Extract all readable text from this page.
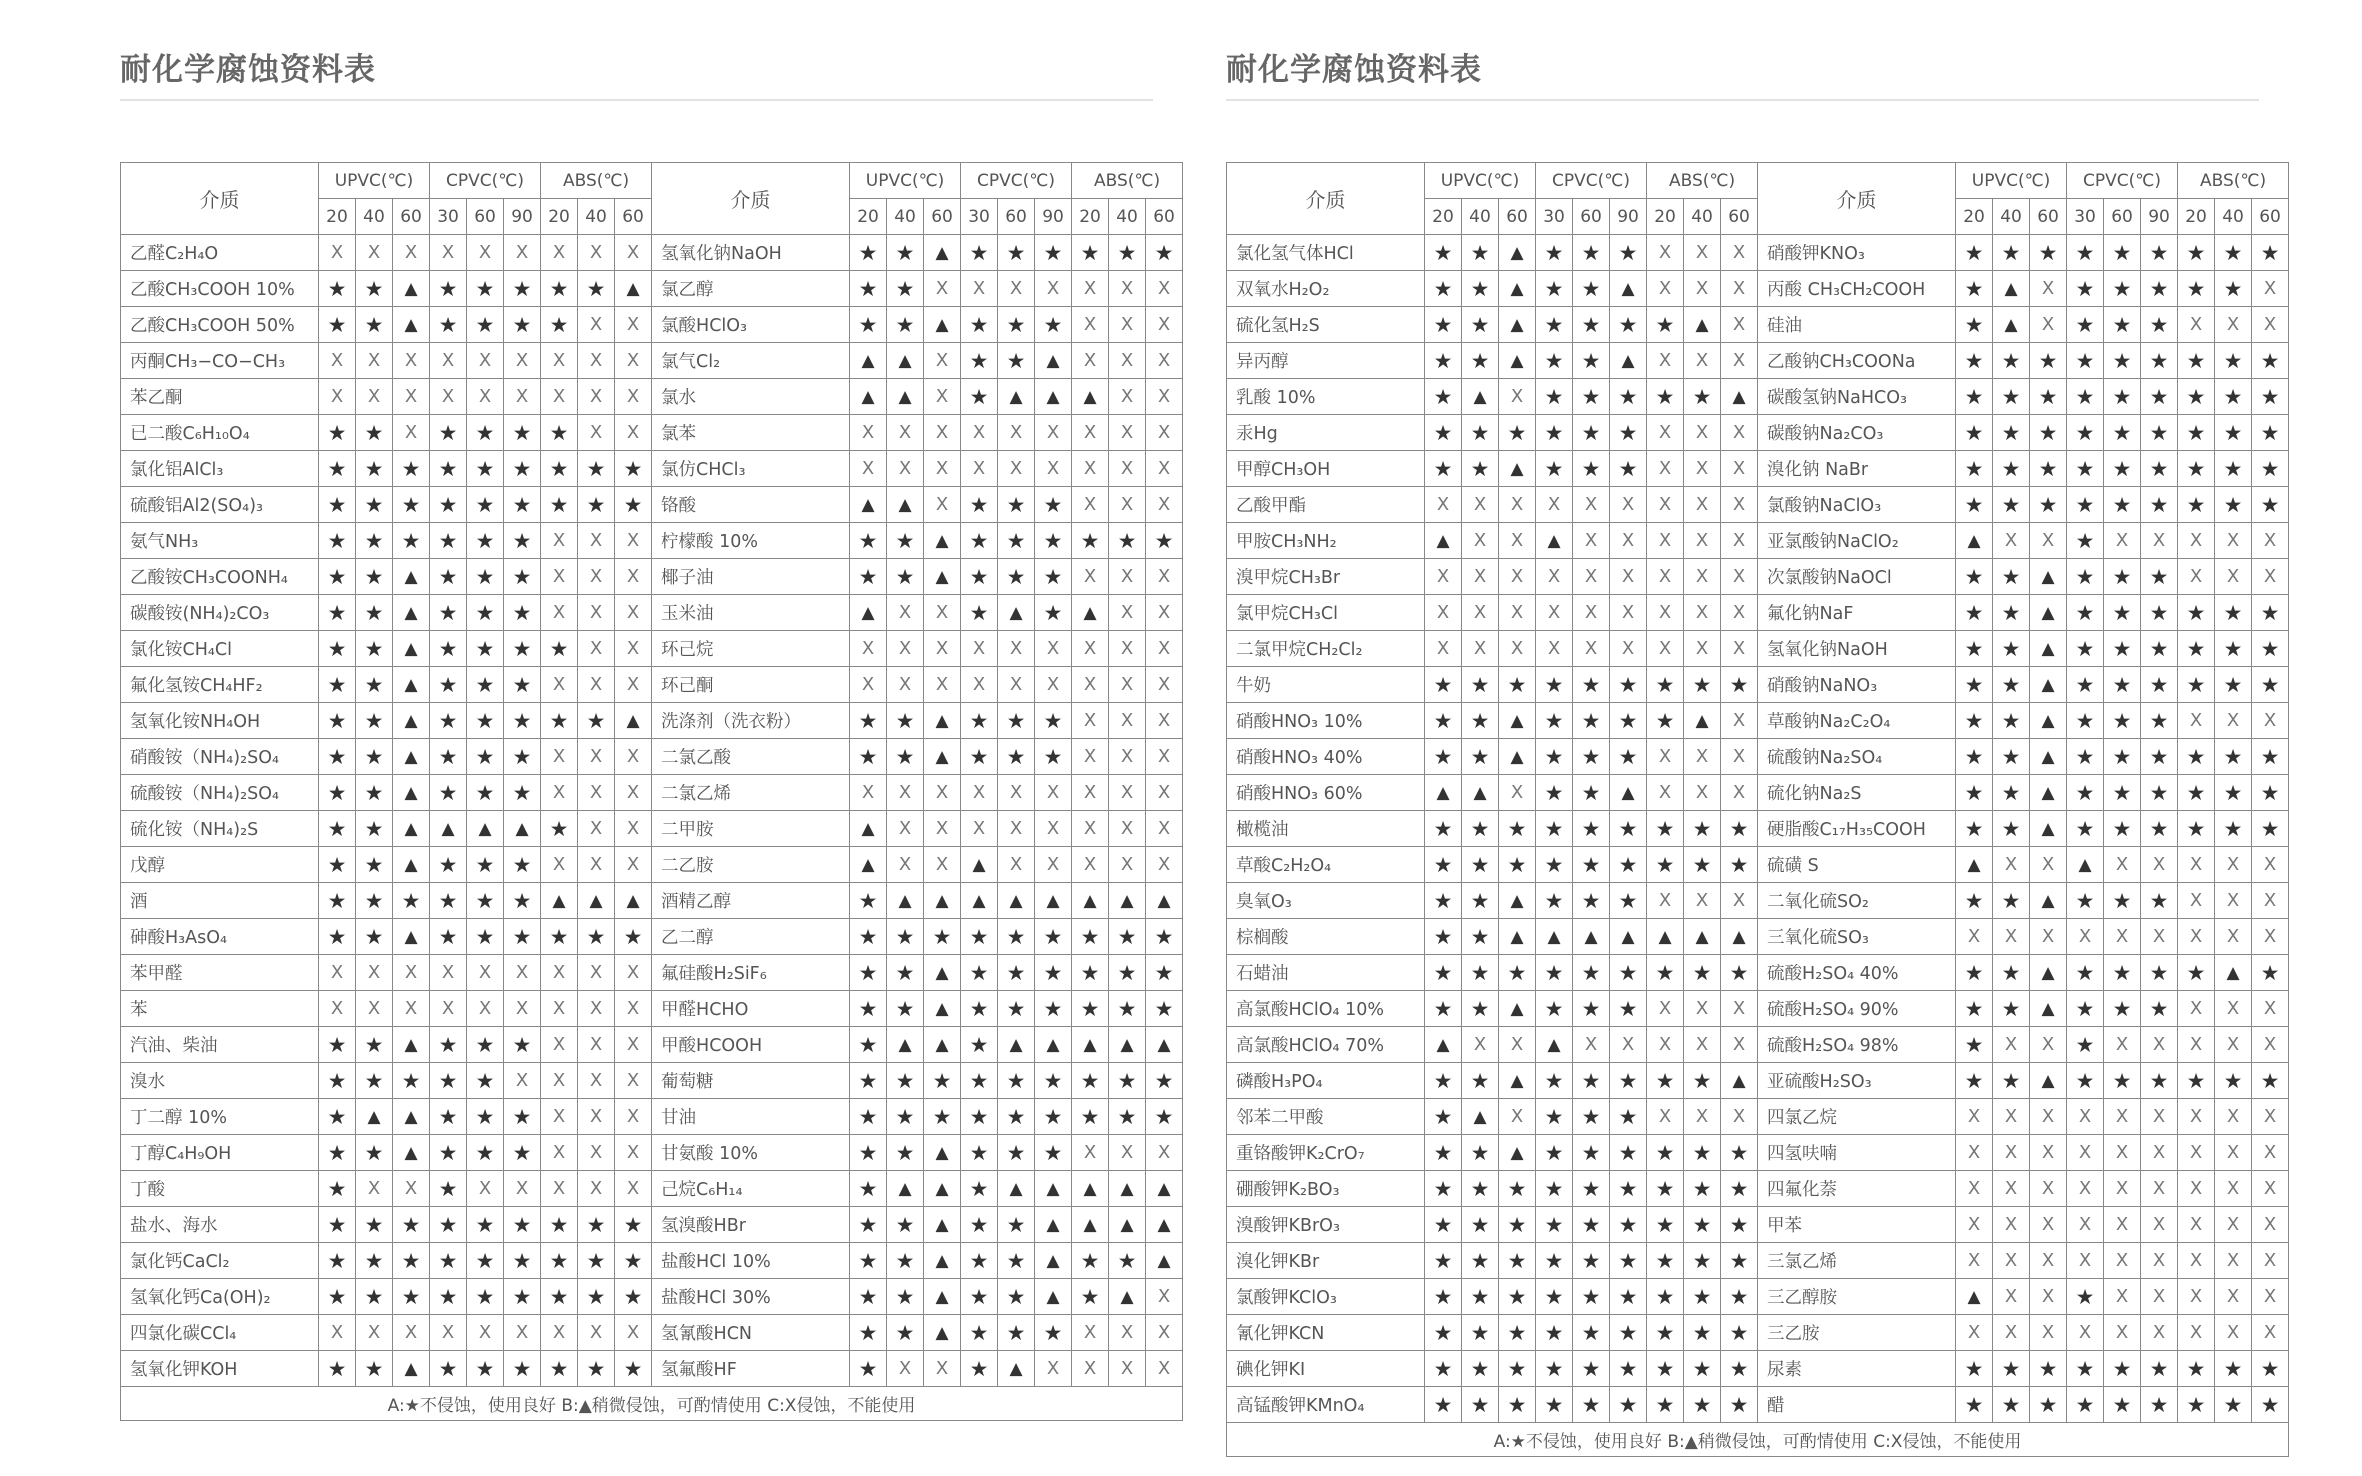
耐化学腐蚀资料表
介质	UPVC(℃)			CPVC(℃)			ABS(℃)			介质	UPVC(℃)			CPVC(℃)			ABS(℃)		
	20	40	60	30	60	90	20	40	60		20	40	60	30	60	90	20	40	60
乙醛C₂H₄O	X	X	X	X	X	X	X	X	X	氢氧化钠NaOH	★	★	▲	★	★	★	★	★	★
乙酸CH₃COOH 10%	★	★	▲	★	★	★	★	★	▲	氯乙醇	★	★	X	X	X	X	X	X	X
乙酸CH₃COOH 50%	★	★	▲	★	★	★	★	X	X	氯酸HClO₃	★	★	▲	★	★	★	X	X	X
丙酮CH₃−CO−CH₃	X	X	X	X	X	X	X	X	X	氯气Cl₂	▲	▲	X	★	★	▲	X	X	X
苯乙酮	X	X	X	X	X	X	X	X	X	氯水	▲	▲	X	★	▲	▲	▲	X	X
已二酸C₆H₁₀O₄	★	★	X	★	★	★	★	X	X	氯苯	X	X	X	X	X	X	X	X	X
氯化铝AlCl₃	★	★	★	★	★	★	★	★	★	氯仿CHCl₃	X	X	X	X	X	X	X	X	X
硫酸铝Al2(SO₄)₃	★	★	★	★	★	★	★	★	★	铬酸	▲	▲	X	★	★	★	X	X	X
氨气NH₃	★	★	★	★	★	★	X	X	X	柠檬酸 10%	★	★	▲	★	★	★	★	★	★
乙酸铵CH₃COONH₄	★	★	▲	★	★	★	X	X	X	椰子油	★	★	▲	★	★	★	X	X	X
碳酸铵(NH₄)₂CO₃	★	★	▲	★	★	★	X	X	X	玉米油	▲	X	X	★	▲	★	▲	X	X
氯化铵CH₄Cl	★	★	▲	★	★	★	★	X	X	环己烷	X	X	X	X	X	X	X	X	X
氟化氢铵CH₄HF₂	★	★	▲	★	★	★	X	X	X	环己酮	X	X	X	X	X	X	X	X	X
氢氧化铵NH₄OH	★	★	▲	★	★	★	★	★	▲	洗涤剂（洗衣粉）	★	★	▲	★	★	★	X	X	X
硝酸铵（NH₄)₂SO₄	★	★	▲	★	★	★	X	X	X	二氯乙酸	★	★	▲	★	★	★	X	X	X
硫酸铵（NH₄)₂SO₄	★	★	▲	★	★	★	X	X	X	二氯乙烯	X	X	X	X	X	X	X	X	X
硫化铵（NH₄)₂S	★	★	▲	▲	▲	▲	★	X	X	二甲胺	▲	X	X	X	X	X	X	X	X
戊醇	★	★	▲	★	★	★	X	X	X	二乙胺	▲	X	X	▲	X	X	X	X	X
酒	★	★	★	★	★	★	▲	▲	▲	酒精乙醇	★	▲	▲	▲	▲	▲	▲	▲	▲
砷酸H₃AsO₄	★	★	▲	★	★	★	★	★	★	乙二醇	★	★	★	★	★	★	★	★	★
苯甲醛	X	X	X	X	X	X	X	X	X	氟硅酸H₂SiF₆	★	★	▲	★	★	★	★	★	★
苯	X	X	X	X	X	X	X	X	X	甲醛HCHO	★	★	▲	★	★	★	★	★	★
汽油、柴油	★	★	▲	★	★	★	X	X	X	甲酸HCOOH	★	▲	▲	★	▲	▲	▲	▲	▲
溴水	★	★	★	★	★	X	X	X	X	葡萄糖	★	★	★	★	★	★	★	★	★
丁二醇 10%	★	▲	▲	★	★	★	X	X	X	甘油	★	★	★	★	★	★	★	★	★
丁醇C₄H₉OH	★	★	▲	★	★	★	X	X	X	甘氨酸 10%	★	★	▲	★	★	★	X	X	X
丁酸	★	X	X	★	X	X	X	X	X	己烷C₆H₁₄	★	▲	▲	★	▲	▲	▲	▲	▲
盐水、海水	★	★	★	★	★	★	★	★	★	氢溴酸HBr	★	★	▲	★	★	▲	▲	▲	▲
氯化钙CaCl₂	★	★	★	★	★	★	★	★	★	盐酸HCl 10%	★	★	▲	★	★	▲	★	★	▲
氢氧化钙Ca(OH)₂	★	★	★	★	★	★	★	★	★	盐酸HCl 30%	★	★	▲	★	★	▲	★	▲	X
四氯化碳CCl₄	X	X	X	X	X	X	X	X	X	氢氰酸HCN	★	★	▲	★	★	★	X	X	X
氢氧化钾KOH	★	★	▲	★	★	★	★	★	★	氢氟酸HF	★	X	X	★	▲	X	X	X	X
A:★不侵蚀，使用良好 B:▲稍微侵蚀，可酌情使用 C:X侵蚀，不能使用																			
耐化学腐蚀资料表
介质	UPVC(℃)			CPVC(℃)			ABS(℃)			介质	UPVC(℃)			CPVC(℃)			ABS(℃)		
	20	40	60	30	60	90	20	40	60		20	40	60	30	60	90	20	40	60
氯化氢气体HCl	★	★	▲	★	★	★	X	X	X	硝酸钾KNO₃	★	★	★	★	★	★	★	★	★
双氧水H₂O₂	★	★	▲	★	★	▲	X	X	X	丙酸 CH₃CH₂COOH	★	▲	X	★	★	★	★	★	X
硫化氢H₂S	★	★	▲	★	★	★	★	▲	X	硅油	★	▲	X	★	★	★	X	X	X
异丙醇	★	★	▲	★	★	▲	X	X	X	乙酸钠CH₃COONa	★	★	★	★	★	★	★	★	★
乳酸 10%	★	▲	X	★	★	★	★	★	▲	碳酸氢钠NaHCO₃	★	★	★	★	★	★	★	★	★
汞Hg	★	★	★	★	★	★	X	X	X	碳酸钠Na₂CO₃	★	★	★	★	★	★	★	★	★
甲醇CH₃OH	★	★	▲	★	★	★	X	X	X	溴化钠 NaBr	★	★	★	★	★	★	★	★	★
乙酸甲酯	X	X	X	X	X	X	X	X	X	氯酸钠NaClO₃	★	★	★	★	★	★	★	★	★
甲胺CH₃NH₂	▲	X	X	▲	X	X	X	X	X	亚氯酸钠NaClO₂	▲	X	X	★	X	X	X	X	X
溴甲烷CH₃Br	X	X	X	X	X	X	X	X	X	次氯酸钠NaOCl	★	★	▲	★	★	★	X	X	X
氯甲烷CH₃Cl	X	X	X	X	X	X	X	X	X	氟化钠NaF	★	★	▲	★	★	★	★	★	★
二氯甲烷CH₂Cl₂	X	X	X	X	X	X	X	X	X	氢氧化钠NaOH	★	★	▲	★	★	★	★	★	★
牛奶	★	★	★	★	★	★	★	★	★	硝酸钠NaNO₃	★	★	▲	★	★	★	★	★	★
硝酸HNO₃ 10%	★	★	▲	★	★	★	★	▲	X	草酸钠Na₂C₂O₄	★	★	▲	★	★	★	X	X	X
硝酸HNO₃ 40%	★	★	▲	★	★	★	X	X	X	硫酸钠Na₂SO₄	★	★	▲	★	★	★	★	★	★
硝酸HNO₃ 60%	▲	▲	X	★	★	▲	X	X	X	硫化钠Na₂S	★	★	▲	★	★	★	★	★	★
橄榄油	★	★	★	★	★	★	★	★	★	硬脂酸C₁₇H₃₅COOH	★	★	▲	★	★	★	★	★	★
草酸C₂H₂O₄	★	★	★	★	★	★	★	★	★	硫磺 S	▲	X	X	▲	X	X	X	X	X
臭氧O₃	★	★	▲	★	★	★	X	X	X	二氧化硫SO₂	★	★	▲	★	★	★	X	X	X
棕榈酸	★	★	▲	▲	▲	▲	▲	▲	▲	三氧化硫SO₃	X	X	X	X	X	X	X	X	X
石蜡油	★	★	★	★	★	★	★	★	★	硫酸H₂SO₄ 40%	★	★	▲	★	★	★	★	▲	★
高氯酸HClO₄ 10%	★	★	▲	★	★	★	X	X	X	硫酸H₂SO₄ 90%	★	★	▲	★	★	★	X	X	X
高氯酸HClO₄ 70%	▲	X	X	▲	X	X	X	X	X	硫酸H₂SO₄ 98%	★	X	X	★	X	X	X	X	X
磷酸H₃PO₄	★	★	▲	★	★	★	★	★	▲	亚硫酸H₂SO₃	★	★	▲	★	★	★	★	★	★
邻苯二甲酸	★	▲	X	★	★	★	X	X	X	四氯乙烷	X	X	X	X	X	X	X	X	X
重铬酸钾K₂CrO₇	★	★	▲	★	★	★	★	★	★	四氢呋喃	X	X	X	X	X	X	X	X	X
硼酸钾K₂BO₃	★	★	★	★	★	★	★	★	★	四氟化萘	X	X	X	X	X	X	X	X	X
溴酸钾KBrO₃	★	★	★	★	★	★	★	★	★	甲苯	X	X	X	X	X	X	X	X	X
溴化钾KBr	★	★	★	★	★	★	★	★	★	三氯乙烯	X	X	X	X	X	X	X	X	X
氯酸钾KClO₃	★	★	★	★	★	★	★	★	★	三乙醇胺	▲	X	X	★	X	X	X	X	X
氰化钾KCN	★	★	★	★	★	★	★	★	★	三乙胺	X	X	X	X	X	X	X	X	X
碘化钾KI	★	★	★	★	★	★	★	★	★	尿素	★	★	★	★	★	★	★	★	★
高锰酸钾KMnO₄	★	★	★	★	★	★	★	★	★	醋	★	★	★	★	★	★	★	★	★
A:★不侵蚀，使用良好 B:▲稍微侵蚀，可酌情使用 C:X侵蚀，不能使用																			
